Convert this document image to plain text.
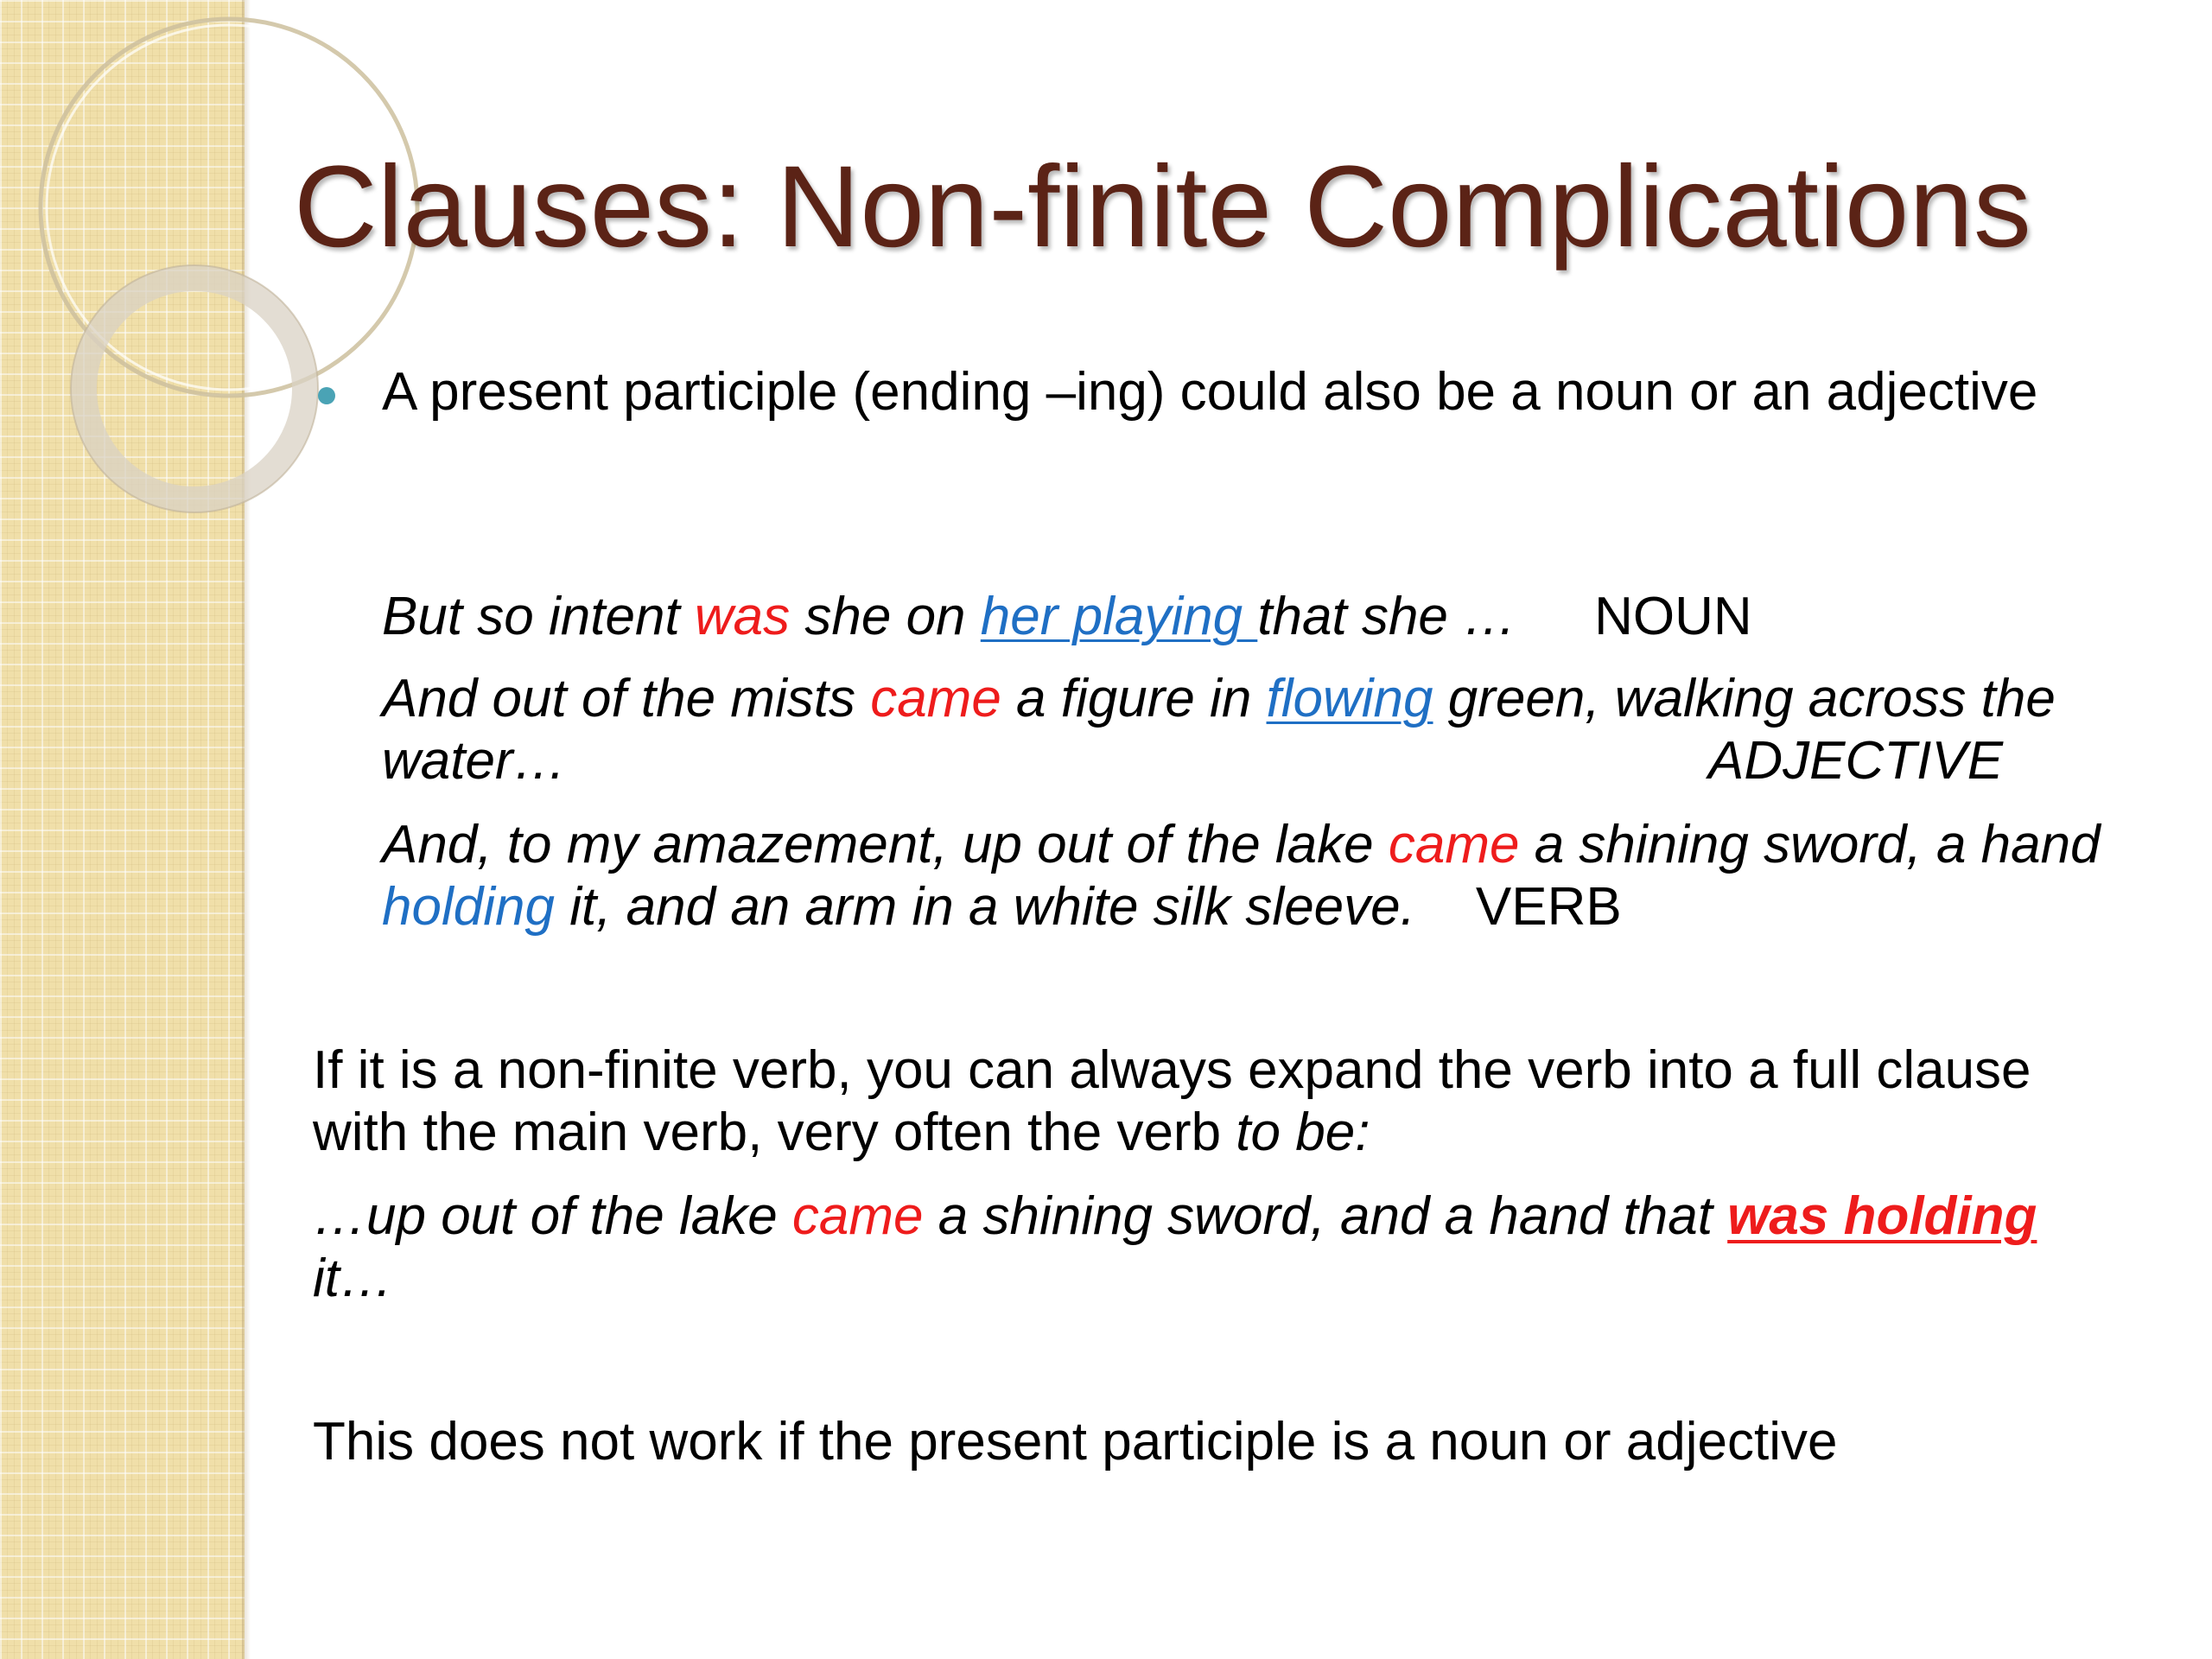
Clauses: Non-finite Complications

A present participle (ending –ing) could also be a noun or an adjective

But so intent was she on her playing that she … NOUN

And out of the mists came a figure in flowing green, walking across the water…	ADJECTIVE

And, to my amazement, up out of the lake came a shining sword, a hand holding it, and an arm in a white silk sleeve. VERB

If it is a non-finite verb, you can always expand the verb into a full clause with the main verb, very often the verb to be:

…up out of the lake came a shining sword, and a hand that was holding it…

This does not work if the present participle is a noun or adjective
